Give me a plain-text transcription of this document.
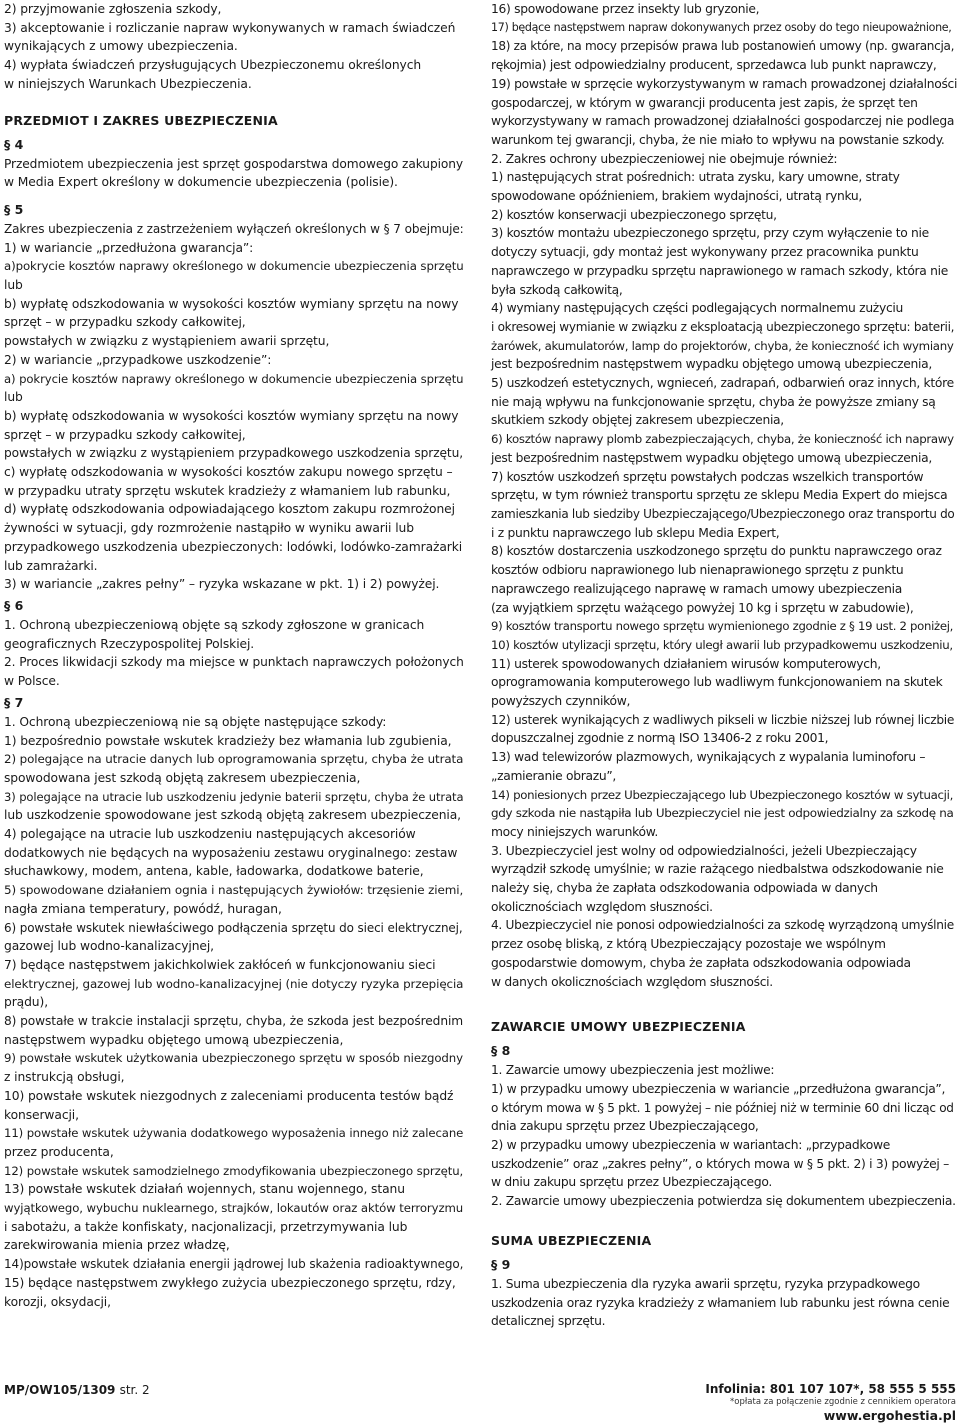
2) przyjmowanie zgłoszenia szkody,
3) akceptowanie i rozliczanie napraw wykonywanych w ramach świadczeń
wynikających z umowy ubezpieczenia.
4) wypłata świadczeń przysługujących Ubezpieczonemu określonych
w niniejszych Warunkach Ubezpieczenia.
PRZEDMIOT I ZAKRES UBEZPIECZENIA
§ 4
Przedmiotem ubezpieczenia jest sprzęt gospodarstwa domowego zakupiony
w Media Expert określony w dokumencie ubezpieczenia (polisie).
§ 5
Zakres ubezpieczenia z zastrzeżeniem wyłączeń określonych w § 7 obejmuje:
1) w wariancie „przedłużona gwarancja”:
a)pokrycie kosztów naprawy określonego w dokumencie ubezpieczenia sprzętu
lub
b) wypłatę odszkodowania w wysokości kosztów wymiany sprzętu na nowy
sprzęt – w przypadku szkody całkowitej,
powstałych w związku z wystąpieniem awarii sprzętu,
2) w wariancie „przypadkowe uszkodzenie”:
a) pokrycie kosztów naprawy określonego w dokumencie ubezpieczenia sprzętu
lub
b) wypłatę odszkodowania w wysokości kosztów wymiany sprzętu na nowy
sprzęt – w przypadku szkody całkowitej,
powstałych w związku z wystąpieniem przypadkowego uszkodzenia sprzętu,
c) wypłatę odszkodowania w wysokości kosztów zakupu nowego sprzętu –
w przypadku utraty sprzętu wskutek kradzieży z włamaniem lub rabunku,
d) wypłatę odszkodowania odpowiadającego kosztom zakupu rozmrożonej
żywności w sytuacji, gdy rozmrożenie nastąpiło w wyniku awarii lub
przypadkowego uszkodzenia ubezpieczonych: lodówki, lodówko-zamrażarki
lub zamrażarki.
3) w wariancie „zakres pełny” – ryzyka wskazane w pkt. 1) i 2) powyżej.
§ 6
1. Ochroną ubezpieczeniową objęte są szkody zgłoszone w granicach
geograficznych Rzeczypospolitej Polskiej.
2. Proces likwidacji szkody ma miejsce w punktach naprawczych położonych
w Polsce.
§ 7
1. Ochroną ubezpieczeniową nie są objęte następujące szkody:
1) bezpośrednio powstałe wskutek kradzieży bez włamania lub zgubienia,
2) polegające na utracie danych lub oprogramowania sprzętu, chyba że utrata
spowodowana jest szkodą objętą zakresem ubezpieczenia,
3) polegające na utracie lub uszkodzeniu jedynie baterii sprzętu, chyba że utrata
lub uszkodzenie spowodowane jest szkodą objętą zakresem ubezpieczenia,
4) polegające na utracie lub uszkodzeniu następujących akcesoriów
dodatkowych nie będących na wyposażeniu zestawu oryginalnego: zestaw
słuchawkowy, modem, antena, kable, ładowarka, dodatkowe baterie,
5) spowodowane działaniem ognia i następujących żywiołów: trzęsienie ziemi,
nagła zmiana temperatury, powódź, huragan,
6) powstałe wskutek niewłaściwego podłączenia sprzętu do sieci elektrycznej,
gazowej lub wodno-kanalizacyjnej,
7) będące następstwem jakichkolwiek zakłóceń w funkcjonowaniu sieci
elektrycznej, gazowej lub wodno-kanalizacyjnej (nie dotyczy ryzyka przepięcia
prądu),
8) powstałe w trakcie instalacji sprzętu, chyba, że szkoda jest bezpośrednim
następstwem wypadku objętego umową ubezpieczenia,
9) powstałe wskutek użytkowania ubezpieczonego sprzętu w sposób niezgodny
z instrukcją obsługi,
10) powstałe wskutek niezgodnych z zaleceniami producenta testów bądź
konserwacji,
11) powstałe wskutek używania dodatkowego wyposażenia innego niż zalecane
przez producenta,
12) powstałe wskutek samodzielnego zmodyfikowania ubezpieczonego sprzętu,
13) powstałe wskutek działań wojennych, stanu wojennego, stanu
wyjątkowego, wybuchu nuklearnego, strajków, lokautów oraz aktów terroryzmu
i sabotażu, a także konfiskaty, nacjonalizacji, przetrzymywania lub
zarekwirowania mienia przez władzę,
14)powstałe wskutek działania energii jądrowej lub skażenia radioaktywnego,
15) będące następstwem zwykłego zużycia ubezpieczonego sprzętu, rdzy,
korozji, oksydacji,
16) spowodowane przez insekty lub gryzonie,
17) będące następstwem napraw dokonywanych przez osoby do tego nieupoważnione,
18) za które, na mocy przepisów prawa lub postanowień umowy (np. gwarancja,
rękojmia) jest odpowiedzialny producent, sprzedawca lub punkt naprawczy,
19) powstałe w sprzęcie wykorzystywanym w ramach prowadzonej działalności
gospodarczej, w którym w gwarancji producenta jest zapis, że sprzęt ten
wykorzystywany w ramach prowadzonej działalności gospodarczej nie podlega
warunkom tej gwarancji, chyba, że nie miało to wpływu na powstanie szkody.
2. Zakres ochrony ubezpieczeniowej nie obejmuje również:
1) następujących strat pośrednich: utrata zysku, kary umowne, straty
spowodowane opóźnieniem, brakiem wydajności, utratą rynku,
2) kosztów konserwacji ubezpieczonego sprzętu,
3) kosztów montażu ubezpieczonego sprzętu, przy czym wyłączenie to nie
dotyczy sytuacji, gdy montaż jest wykonywany przez pracownika punktu
naprawczego w przypadku sprzętu naprawionego w ramach szkody, która nie
była szkodą całkowitą,
4) wymiany następujących części podlegających normalnemu zużyciu
i okresowej wymianie w związku z eksploatacją ubezpieczonego sprzętu: baterii,
żarówek, akumulatorów, lamp do projektorów, chyba, że konieczność ich wymiany
jest bezpośrednim następstwem wypadku objętego umową ubezpieczenia,
5) uszkodzeń estetycznych, wgnieceń, zadrapań, odbarwień oraz innych, które
nie mają wpływu na funkcjonowanie sprzętu, chyba że powyższe zmiany są
skutkiem szkody objętej zakresem ubezpieczenia,
6) kosztów naprawy plomb zabezpieczających, chyba, że konieczność ich naprawy
jest bezpośrednim następstwem wypadku objętego umową ubezpieczenia,
7) kosztów uszkodzeń sprzętu powstałych podczas wszelkich transportów
sprzętu, w tym również transportu sprzętu ze sklepu Media Expert do miejsca
zamieszkania lub siedziby Ubezpieczającego/Ubezpieczonego oraz transportu do
i z punktu naprawczego lub sklepu Media Expert,
8) kosztów dostarczenia uszkodzonego sprzętu do punktu naprawczego oraz
kosztów odbioru naprawionego lub nienaprawionego sprzętu z punktu
naprawczego realizującego naprawę w ramach umowy ubezpieczenia
(za wyjątkiem sprzętu ważącego powyżej 10 kg i sprzętu w zabudowie),
9) kosztów transportu nowego sprzętu wymienionego zgodnie z § 19 ust. 2 poniżej,
10) kosztów utylizacji sprzętu, który uległ awarii lub przypadkowemu uszkodzeniu,
11) usterek spowodowanych działaniem wirusów komputerowych,
oprogramowania komputerowego lub wadliwym funkcjonowaniem na skutek
powyższych czynników,
12) usterek wynikających z wadliwych pikseli w liczbie niższej lub równej liczbie
dopuszczalnej zgodnie z normą ISO 13406-2 z roku 2001,
13) wad telewizorów plazmowych, wynikających z wypalania luminoforu –
„zamieranie obrazu”,
14) poniesionych przez Ubezpieczającego lub Ubezpieczonego kosztów w sytuacji,
gdy szkoda nie nastąpiła lub Ubezpieczyciel nie jest odpowiedzialny za szkodę na
mocy niniejszych warunków.
3. Ubezpieczyciel jest wolny od odpowiedzialności, jeżeli Ubezpieczający
wyrządził szkodę umyślnie; w razie rażącego niedbalstwa odszkodowanie nie
należy się, chyba że zapłata odszkodowania odpowiada w danych
okolicznościach względom słuszności.
4. Ubezpieczyciel nie ponosi odpowiedzialności za szkodę wyrządzoną umyślnie
przez osobę bliską, z którą Ubezpieczający pozostaje we wspólnym
gospodarstwie domowym, chyba że zapłata odszkodowania odpowiada
w danych okolicznościach względom słuszności.
ZAWARCIE UMOWY UBEZPIECZENIA
§ 8
1. Zawarcie umowy ubezpieczenia jest możliwe:
1) w przypadku umowy ubezpieczenia w wariancie „przedłużona gwarancja”,
o którym mowa w § 5 pkt. 1 powyżej – nie później niż w terminie 60 dni licząc od
dnia zakupu sprzętu przez Ubezpieczającego,
2) w przypadku umowy ubezpieczenia w wariantach: „przypadkowe
uszkodzenie” oraz „zakres pełny”, o których mowa w § 5 pkt. 2) i 3) powyżej –
w dniu zakupu sprzętu przez Ubezpieczającego.
2. Zawarcie umowy ubezpieczenia potwierdza się dokumentem ubezpieczenia.
SUMA UBEZPIECZENIA
§ 9
1. Suma ubezpieczenia dla ryzyka awarii sprzętu, ryzyka przypadkowego
uszkodzenia oraz ryzyka kradzieży z włamaniem lub rabunku jest równa cenie
detalicznej sprzętu.
MP/OW105/1309 str. 2	Infolinia: 801 107 107*, 58 555 5 555
*opłata za połączenie zgodnie z cennikiem operatora
www.ergohestia.pl
